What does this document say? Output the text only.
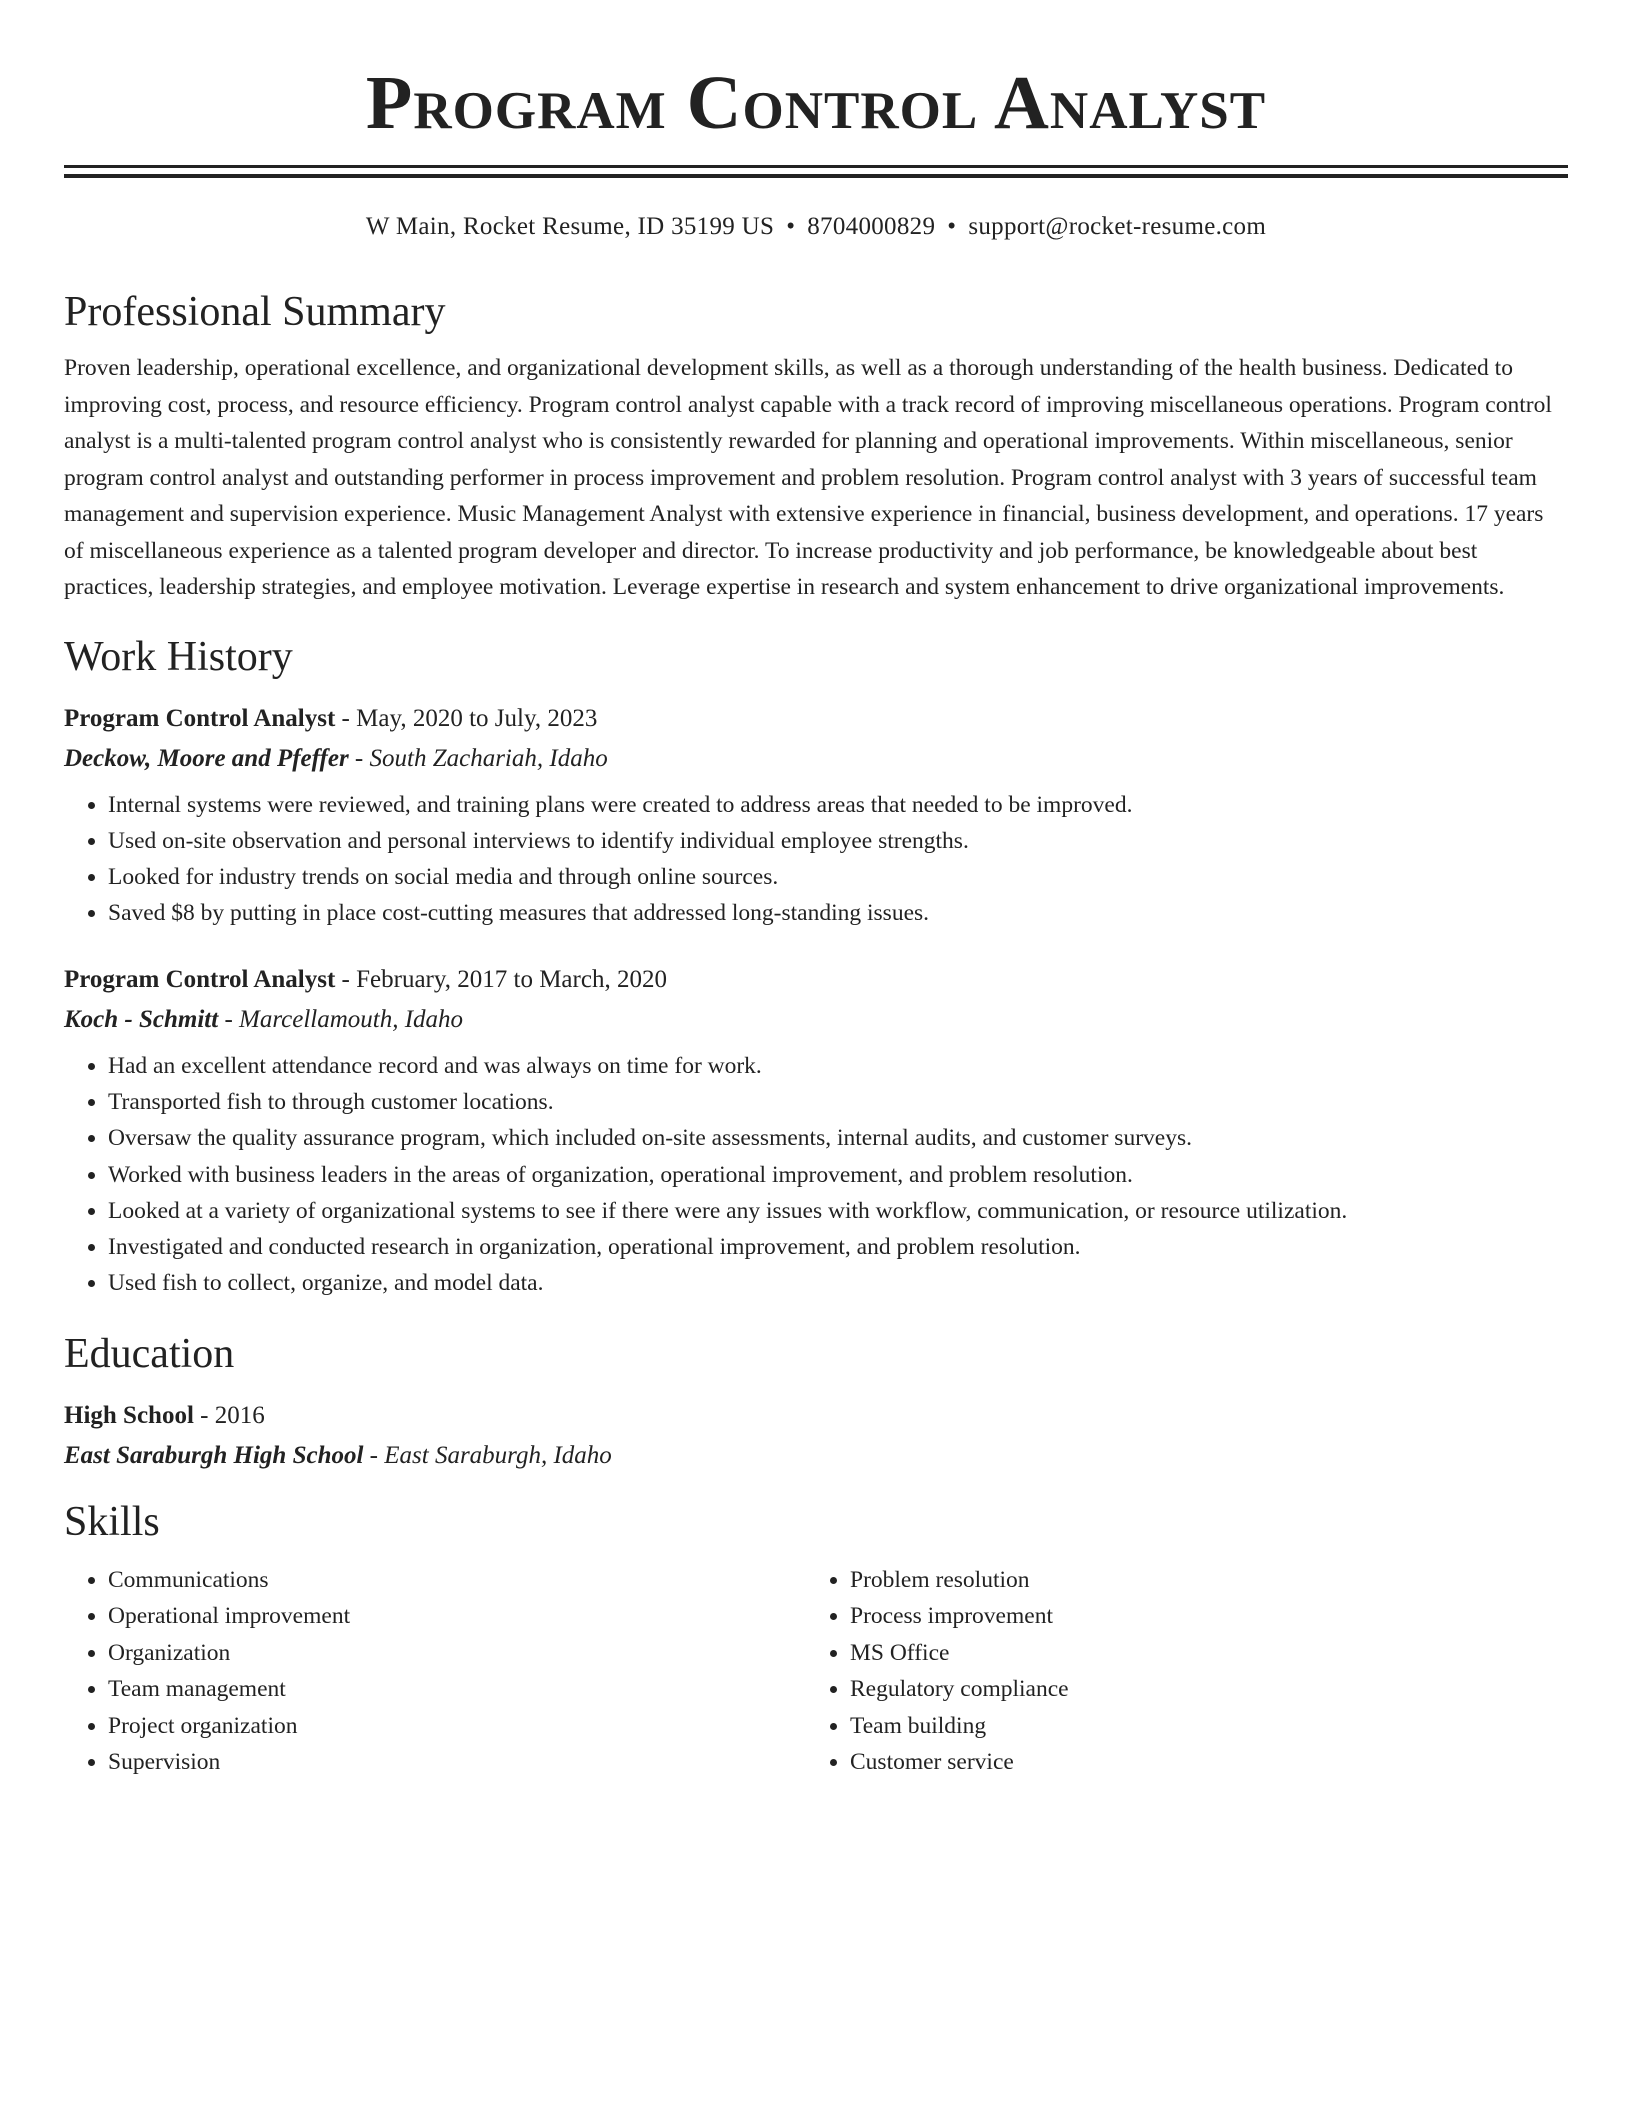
Program Control Analyst
W Main, Rocket Resume, ID 35199 US • 8704000829 • support@rocket-resume.com
Professional Summary
Proven leadership, operational excellence, and organizational development skills, as well as a thorough understanding of the health business. Dedicated to improving cost, process, and resource efficiency. Program control analyst capable with a track record of improving miscellaneous operations. Program control analyst is a multi-talented program control analyst who is consistently rewarded for planning and operational improvements. Within miscellaneous, senior program control analyst and outstanding performer in process improvement and problem resolution. Program control analyst with 3 years of successful team management and supervision experience. Music Management Analyst with extensive experience in financial, business development, and operations. 17 years of miscellaneous experience as a talented program developer and director. To increase productivity and job performance, be knowledgeable about best practices, leadership strategies, and employee motivation. Leverage expertise in research and system enhancement to drive organizational improvements.
Work History
Program Control Analyst - May, 2020 to July, 2023
Deckow, Moore and Pfeffer - South Zachariah, Idaho
• Internal systems were reviewed, and training plans were created to address areas that needed to be improved.
• Used on-site observation and personal interviews to identify individual employee strengths.
• Looked for industry trends on social media and through online sources.
• Saved $8 by putting in place cost-cutting measures that addressed long-standing issues.
Program Control Analyst - February, 2017 to March, 2020
Koch - Schmitt - Marcellamouth, Idaho
• Had an excellent attendance record and was always on time for work.
• Transported fish to through customer locations.
• Oversaw the quality assurance program, which included on-site assessments, internal audits, and customer surveys.
• Worked with business leaders in the areas of organization, operational improvement, and problem resolution.
• Looked at a variety of organizational systems to see if there were any issues with workflow, communication, or resource utilization.
• Investigated and conducted research in organization, operational improvement, and problem resolution.
• Used fish to collect, organize, and model data.
Education
High School - 2016
East Saraburgh High School - East Saraburgh, Idaho
Skills
• Communications
• Operational improvement
• Organization
• Team management
• Project organization
• Supervision
• Problem resolution
• Process improvement
• MS Office
• Regulatory compliance
• Team building
• Customer service
